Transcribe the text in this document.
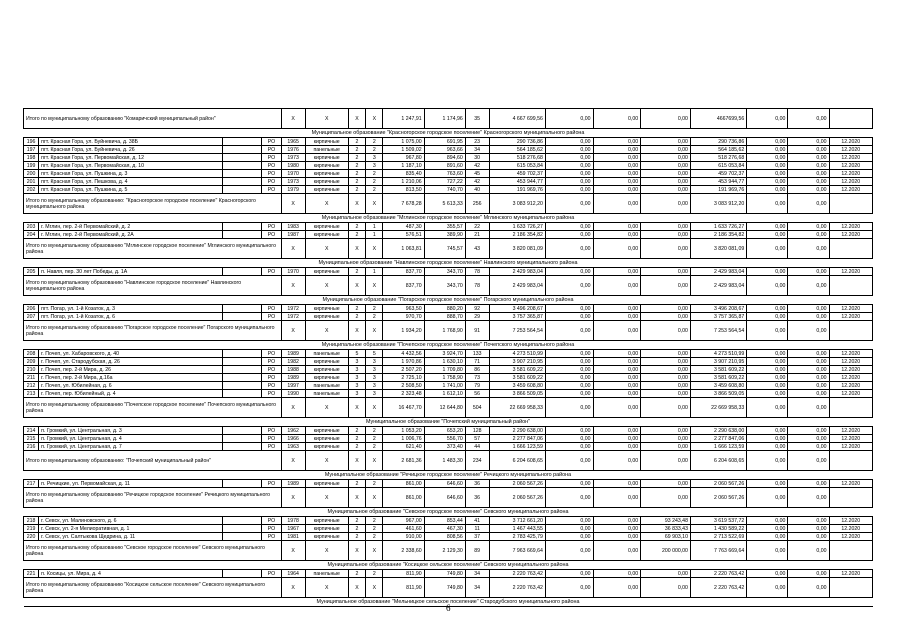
Итого по муниципальному образованию "Комаричский муниципальный район"				X	X	X	X	1 247,91	1 174,96	35	4 667 699,56	0,00	0,00	0,00	4667699,56	0,00	0,00	
Муниципальное образование "Красногорское городское поселение" Красногорского муниципального района																		
196	пгт. Красная Гора, ул. Буйневича, д. 38Б		РО	1965	кирпичные	2	2	1 075,00	691,95	23	290 736,86	0,00	0,00	0,00	290 736,86	0,00	0,00	12.2020
197	пгт. Красная Гора, ул. Буйневича, д. 26		РО	1976	панельные	2	2	1 509,02	963,66	34	564 185,62	0,00	0,00	0,00	564 185,62	0,00	0,00	12.2020
198	пгт. Красная Гора, ул. Первомайская, д. 12		РО	1973	кирпичные	2	3	967,80	894,60	30	518 276,68	0,00	0,00	0,00	518 276,68	0,00	0,00	12.2020
199	пгт. Красная Гора, ул. Первомайская, д. 10		РО	1980	кирпичные	2	3	1 187,10	891,60	42	615 053,84	0,00	0,00	0,00	615 053,84	0,00	0,00	12.2020
200	пгт. Красная Гора, ул. Пушкина, д. 3		РО	1970	кирпичные	2	2	835,40	763,60	45	459 702,37	0,00	0,00	0,00	459 702,37	0,00	0,00	12.2020
201	пгт. Красная Гора, ул. Пешкова, д. 4		РО	1973	кирпичные	2	2	1 210,06	727,22	42	453 944,77	0,00	0,00	0,00	453 944,77	0,00	0,00	12.2020
202	пгт. Красная Гора, ул. Пушкина, д. 5		РО	1979	кирпичные	2	2	813,50	740,70	40	191 969,76	0,00	0,00	0,00	191 969,76	0,00	0,00	12.2020
Итого по муниципальному образованию: "Красногорское городское поселение" Красногорского муниципального района				X	X	X	X	7 678,28	5 613,33	256	3 083 912,20	0,00	0,00	0,00	3 083 912,20	0,00	0,00	
Муниципальное образование "Мглинское городское поселение" Мглинского муниципального района																		
203	г. Мглин, пер. 2-й Первомайский, д. 2		РО	1983	кирпичные	2	1	487,30	355,57	22	1 633 726,27	0,00	0,00	0,00	1 633 726,27	0,00	0,00	12.2020
204	г. Мглин, пер. 2-й Первомайский, д. 2А		РО	1987	кирпичные	2	1	576,51	389,90	21	2 186 354,82	0,00	0,00	0,00	2 186 354,82	0,00	0,00	12.2020
Итого по муниципальному образованию "Мглинское городское поселение" Мглинского муниципального района				X	X	X	X	1 063,81	745,57	43	3 820 081,09	0,00	0,00	0,00	3 820 081,09	0,00	0,00	
Муниципальное образование "Навлинское городское поселение" Навлинского муниципального района																		
205	п. Навля, пер. 30 лет Победы, д. 1А		РО	1970	кирпичные	2	1	837,70	343,70	78	2 429 983,04	0,00	0,00	0,00	2 429 983,04	0,00	0,00	12.2020
Итого по муниципальному образованию "Навлинское городское поселение" Навлинского муниципального района				X	X	X	X	837,70	343,70	78	2 429 983,04	0,00	0,00	0,00	2 429 983,04	0,00	0,00	
Муниципальное образование "Погарское городское поселение" Погарского муниципального района																		
206	пгт. Погар, ул. 1-й Козаток, д. 3		РО	1972	кирпичные	2	2	963,50	880,20	92	3 496 208,67	0,00	0,00	0,00	3 496 208,67	0,00	0,00	12.2020
207	пгт. Погар, ул. 1-й Козаток, д. 6		РО	1972	кирпичные	2	2	970,70	888,70	29	3 757 365,87	0,00	0,00	0,00	3 757 365,87	0,00	0,00	12.2020
Итого по муниципальному образованию "Погарское городское поселение" Погарского муниципального района				X	X	X	X	1 934,20	1 768,90	91	7 253 564,54	0,00	0,00	0,00	7 253 564,54	0,00	0,00	
Муниципальное образование "Почепское городское поселение" Почепского муниципального района																		
208	г. Почеп, ул. Хабаровского, д. 40		РО	1989	панельные	5	5	4 432,56	3 924,70	133	4 273 510,99	0,00	0,00	0,00	4 273 510,99	0,00	0,00	12.2020
209	г. Почеп, ул. Стародубская, д. 26		РО	1982	кирпичные	3	3	1 970,86	1 630,10	71	3 907 210,95	0,00	0,00	0,00	3 907 210,95	0,00	0,00	12.2020
210	г. Почеп, пер. 2-й Мира, д. 26		РО	1988	кирпичные	3	3	2 507,20	1 709,80	86	3 581 609,22	0,00	0,00	0,00	3 581 609,22	0,00	0,00	12.2020
211	г. Почеп, пер. 2-й Мира, д.16а		РО	1989	кирпичные	3	3	2 725,10	1 758,90	73	3 581 609,22	0,00	0,00	0,00	3 581 609,22	0,00	0,00	12.2020
212	г. Почеп, ул. Юбилейная, д. 6		РО	1997	панельные	3	3	2 508,50	1 741,00	79	3 459 608,80	0,00	0,00	0,00	3 459 608,80	0,00	0,00	12.2020
213	г. Почеп, пер. Юбилейный, д. 4		РО	1990	панельные	3	3	2 323,48	1 612,10	56	3 866 509,05	0,00	0,00	0,00	3 866 509,05	0,00	0,00	12.2020
Итого по муниципальному образованию "Почепское городское поселение" Почепского муниципального района				X	X	X	X	16 467,70	12 644,80	504	22 669 958,33	0,00	0,00	0,00	22 669 958,33	0,00	0,00	
Муниципальное образование "Почепский муниципальный район"																		
214	п. Громкий, ул. Центральная, д. 3		РО	1962	кирпичные	2	2	1 053,20	653,20	128	2 290 638,00	0,00	0,00	0,00	2 290 638,00	0,00	0,00	12.2020
215	п. Громкий, ул. Центральная, д. 4		РО	1966	кирпичные	2	2	1 006,76	556,70	57	2 277 847,06	0,00	0,00	0,00	2 277 847,06	0,00	0,00	12.2020
216	п. Громкий, ул. Центральная, д. 7		РО	1963	кирпичные	2	2	621,40	373,40	44	1 666 123,59	0,00	0,00	0,00	1 666 123,59	0,00	0,00	12.2020
Итого по муниципальному образованию: "Почепский муниципальный район"				X	X	X	X	2 681,36	1 483,30	234	6 204 608,65	0,00	0,00	0,00	6 204 608,65	0,00	0,00	
Муниципальное образование "Речицкое городское поселение" Речицкого муниципального района																		
217	п. Речицкие, ул. Первомайская, д. 11		РО	1989	кирпичные	2	2	861,00	646,60	36	2 060 567,26	0,00	0,00	0,00	2 060 567,26	0,00	0,00	12.2020
Итого по муниципальному образованию "Речицкое городское поселение" Речицкого муниципального района				X	X	X	X	861,00	646,60	36	2 060 567,26	0,00	0,00	0,00	2 060 567,26	0,00	0,00	
Муниципальное образование "Севское городское поселение" Севского муниципального района																		
218	г. Севск, ул. Малиновского, д. 6		РО	1978	кирпичные	2	2	967,00	853,44	41	3 712 661,20	0,00	0,00	93 243,48	3 619 537,72	0,00	0,00	12.2020
219	г. Севск, ул. 2-я Мелиоративная, д. 1		РО	1967	кирпичные	2	2	461,60	467,30	11	1 467 443,55	0,00	0,00	36 833,43	1 430 589,22	0,00	0,00	12.2020
220	г. Севск, ул. Салтыкова Щедрина, д. 11		РО	1981	кирпичные	2	2	910,00	808,56	37	2 783 425,79	0,00	0,00	69 903,10	2 713 522,69	0,00	0,00	12.2020
Итого по муниципальному образованию "Севское городское поселение" Севского муниципального района				X	X	X	X	2 338,60	2 129,30	89	7 963 669,64	0,00	0,00	200 000,00	7 763 669,64	0,00	0,00	
Муниципальное образование "Косицкое сельское поселение" Севского муниципального района																		
221	п. Косицы, ул. Мира, д. 4		РО	1964	панельные	2	2	811,90	749,80	34	2 220 763,42	0,00	0,00	0,00	2 220 763,42	0,00	0,00	12.2020
Итого по муниципальному образованию "Косицкое сельское поселение" Севского муниципального района				X	X	X	X	811,90	749,80	34	2 220 763,42	0,00	0,00	0,00	2 220 763,42	0,00	0,00	
Муниципальное образование "Мельницкое сельское поселение" Стародубского муниципального района																		
6
